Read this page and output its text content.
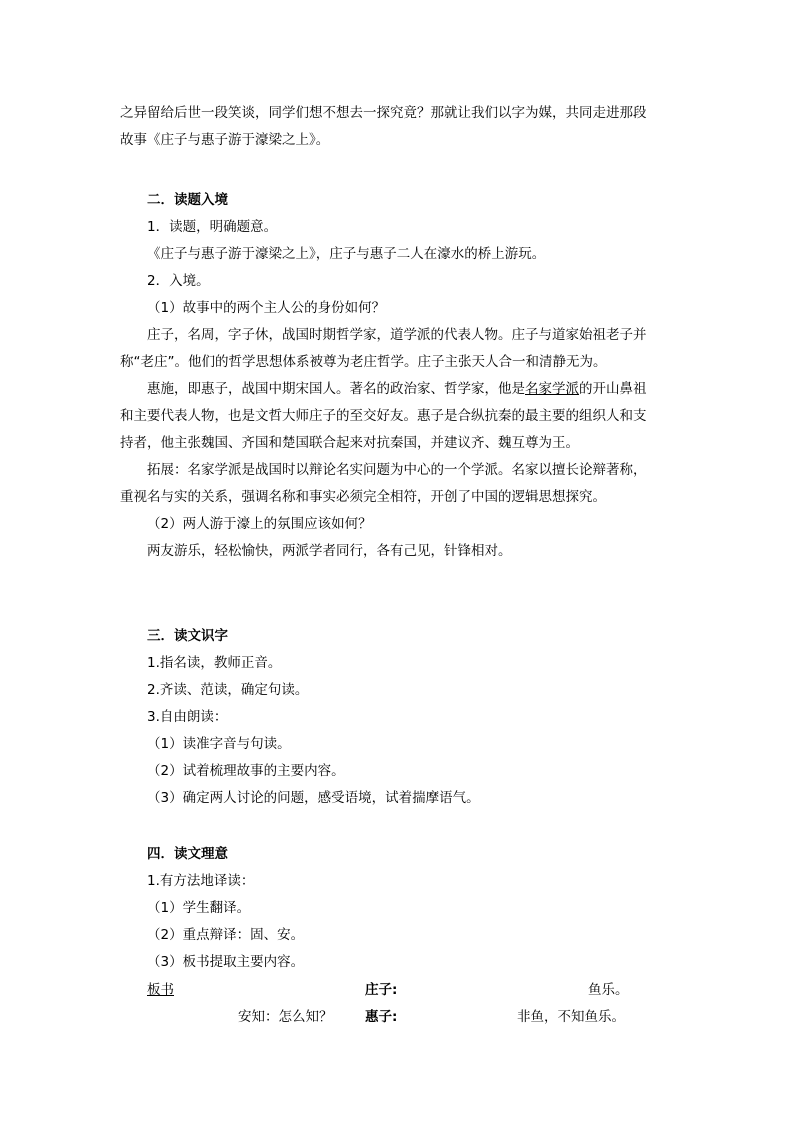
之异留给后世一段笑谈，同学们想不想去一探究竟？那就让我们以字为媒，共同走进那段
故事《庄子与惠子游于濠梁之上》。
二．读题入境
1．读题，明确题意。
《庄子与惠子游于濠梁之上》，庄子与惠子二人在濠水的桥上游玩。
2．入境。
（1）故事中的两个主人公的身份如何？
庄子，名周，字子休，战国时期哲学家，道学派的代表人物。庄子与道家始祖老子并
称“老庄”。他们的哲学思想体系被尊为老庄哲学。庄子主张天人合一和清静无为。
惠施，即惠子，战国中期宋国人。著名的政治家、哲学家，他是名家学派的开山鼻祖
和主要代表人物，也是文哲大师庄子的至交好友。惠子是合纵抗秦的最主要的组织人和支
持者，他主张魏国、齐国和楚国联合起来对抗秦国，并建议齐、魏互尊为王。
拓展：名家学派是战国时以辩论名实问题为中心的一个学派。名家以擅长论辩著称，
重视名与实的关系，强调名称和事实必须完全相符，开创了中国的逻辑思想探究。
（2）两人游于濠上的氛围应该如何？
两友游乐，轻松愉快，两派学者同行，各有己见，针锋相对。
三．读文识字
1.指名读，教师正音。
2.齐读、范读，确定句读。
3.自由朗读：
（1）读准字音与句读。
（2）试着梳理故事的主要内容。
（3）确定两人讨论的问题，感受语境，试着揣摩语气。
四．读文理意
1.有方法地译读：
（1）学生翻译。
（2）重点辩译：固、安。
（3）板书提取主要内容。
板书	庄子:	鱼乐。
安知：怎么知？ 惠子:	非鱼，不知鱼乐。
